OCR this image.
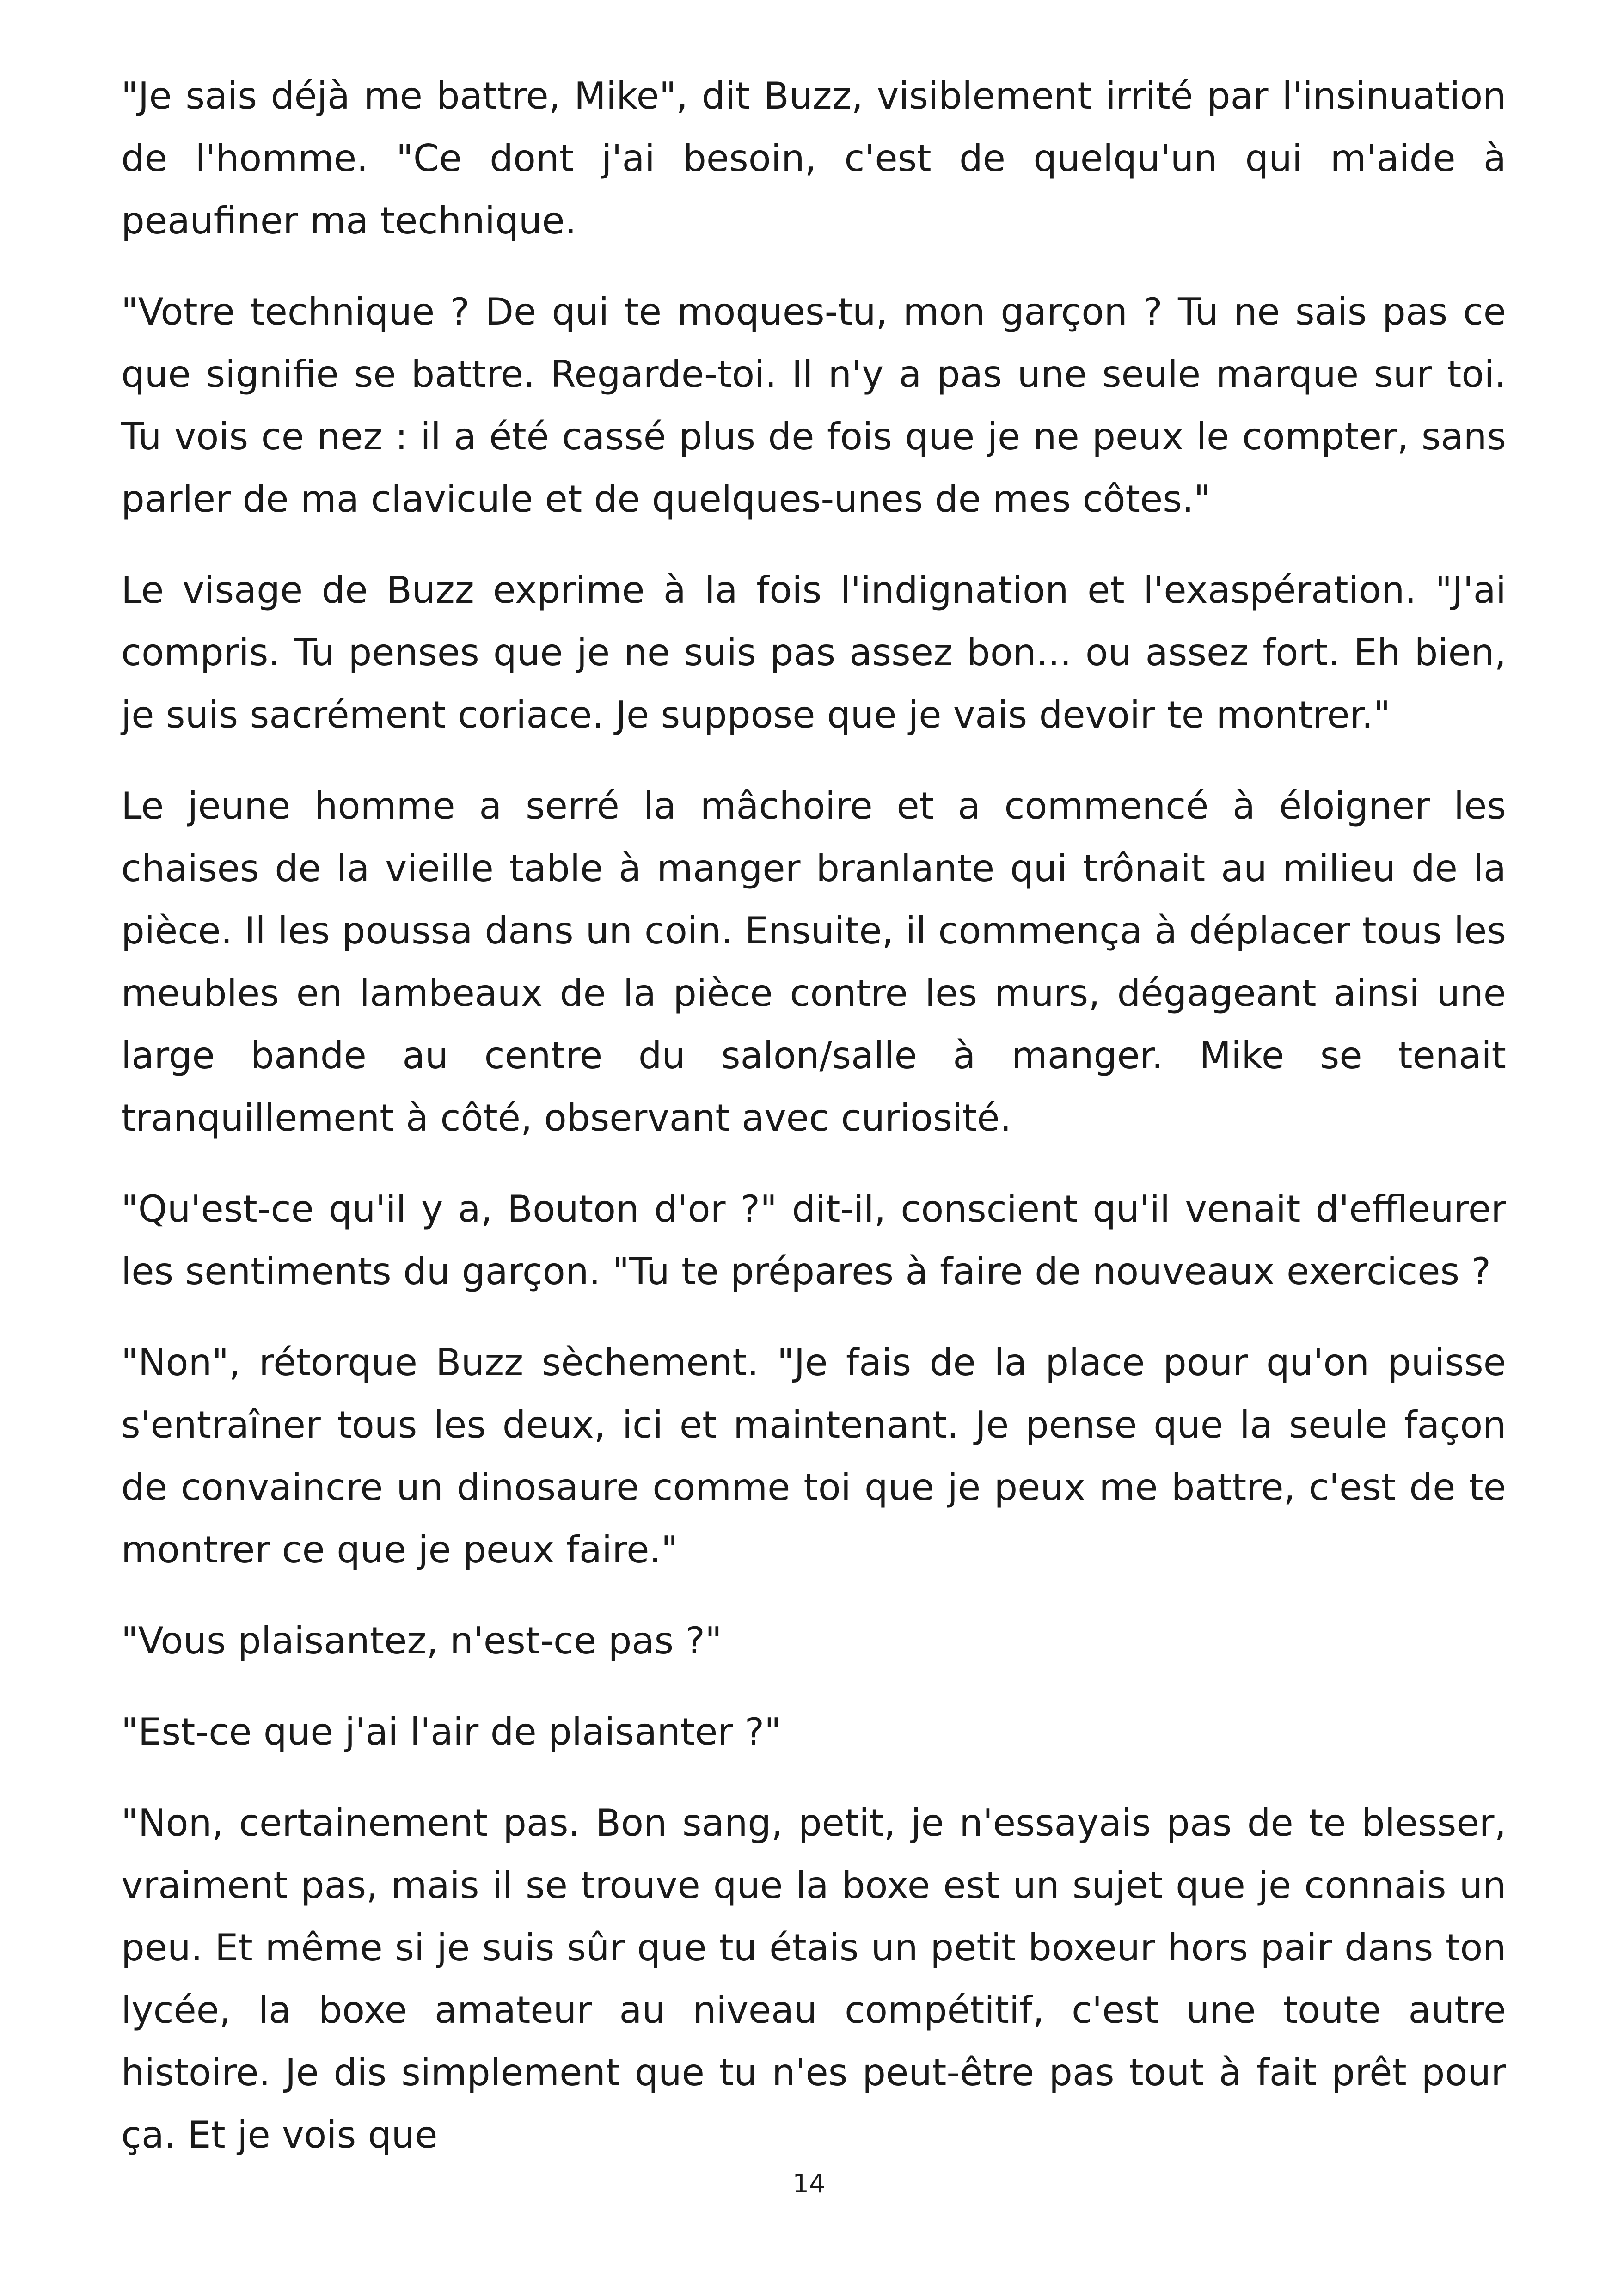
"Je sais déjà me battre, Mike", dit Buzz, visiblement irrité par l'insinuation de l'homme. "Ce dont j'ai besoin, c'est de quelqu'un qui m'aide à peaufiner ma technique.

"Votre technique ? De qui te moques-tu, mon garçon ? Tu ne sais pas ce que signifie se battre. Regarde-toi. Il n'y a pas une seule marque sur toi. Tu vois ce nez : il a été cassé plus de fois que je ne peux le compter, sans parler de ma clavicule et de quelques-unes de mes côtes."

Le visage de Buzz exprime à la fois l'indignation et l'exaspération. "J'ai compris. Tu penses que je ne suis pas assez bon... ou assez fort. Eh bien, je suis sacrément coriace. Je suppose que je vais devoir te montrer."

Le jeune homme a serré la mâchoire et a commencé à éloigner les chaises de la vieille table à manger branlante qui trônait au milieu de la pièce. Il les poussa dans un coin. Ensuite, il commença à déplacer tous les meubles en lambeaux de la pièce contre les murs, dégageant ainsi une large bande au centre du salon/salle à manger. Mike se tenait tranquillement à côté, observant avec curiosité.

"Qu'est-ce qu'il y a, Bouton d'or ?" dit-il, conscient qu'il venait d'effleurer les sentiments du garçon. "Tu te prépares à faire de nouveaux exercices ?

"Non", rétorque Buzz sèchement. "Je fais de la place pour qu'on puisse s'entraîner tous les deux, ici et maintenant. Je pense que la seule façon de convaincre un dinosaure comme toi que je peux me battre, c'est de te montrer ce que je peux faire."

"Vous plaisantez, n'est-ce pas ?"

"Est-ce que j'ai l'air de plaisanter ?"

"Non, certainement pas. Bon sang, petit, je n'essayais pas de te blesser, vraiment pas, mais il se trouve que la boxe est un sujet que je connais un peu. Et même si je suis sûr que tu étais un petit boxeur hors pair dans ton lycée, la boxe amateur au niveau compétitif, c'est une toute autre histoire. Je dis simplement que tu n'es peut-être pas tout à fait prêt pour ça. Et je vois que

14
